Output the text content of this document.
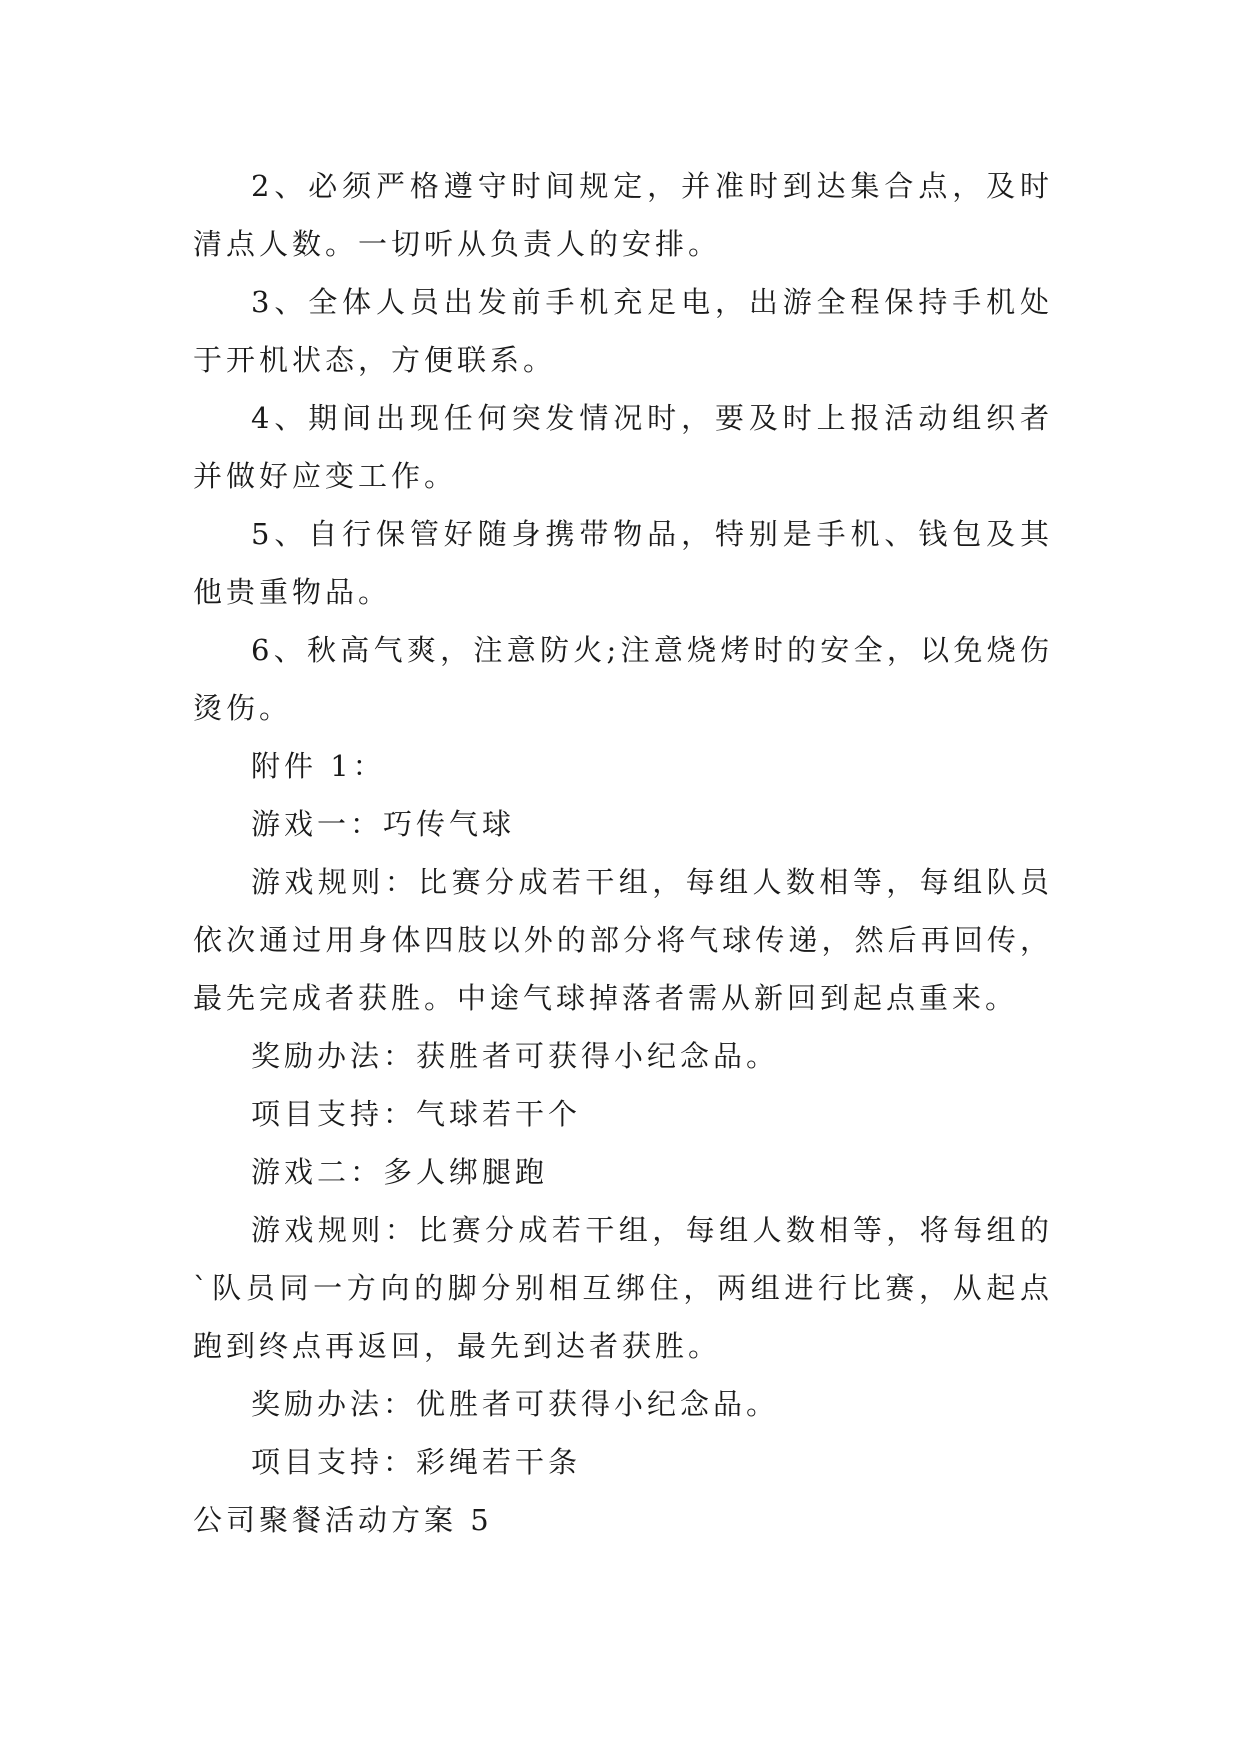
2、必须严格遵守时间规定，并准时到达集合点，及时清点人数。一切听从负责人的安排。

3、全体人员出发前手机充足电，出游全程保持手机处于开机状态，方便联系。

4、期间出现任何突发情况时，要及时上报活动组织者并做好应变工作。

5、自行保管好随身携带物品，特别是手机、钱包及其他贵重物品。

6、秋高气爽，注意防火;注意烧烤时的安全，以免烧伤烫伤。

附件 1：

游戏一：巧传气球

游戏规则：比赛分成若干组，每组人数相等，每组队员依次通过用身体四肢以外的部分将气球传递，然后再回传，最先完成者获胜。中途气球掉落者需从新回到起点重来。

奖励办法：获胜者可获得小纪念品。

项目支持：气球若干个

游戏二：多人绑腿跑

游戏规则：比赛分成若干组，每组人数相等，将每组的`队员同一方向的脚分别相互绑住，两组进行比赛，从起点跑到终点再返回，最先到达者获胜。

奖励办法：优胜者可获得小纪念品。

项目支持：彩绳若干条

公司聚餐活动方案 5
